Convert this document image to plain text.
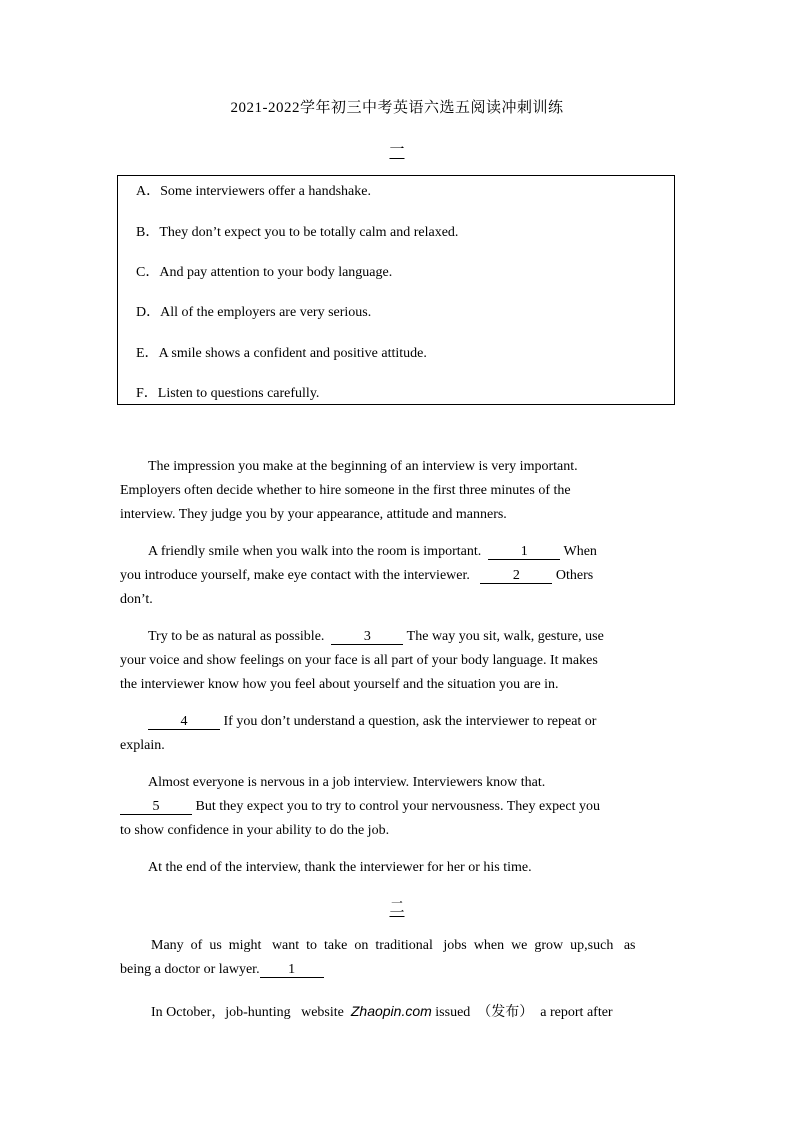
2021-2022学年初三中考英语六选五阅读冲刺训练
一
A．Some interviewers offer a handshake.
B．They don’t expect you to be totally calm and relaxed.
C．And pay attention to your body language.
D．All of the employers are very serious.
E．A smile shows a confident and positive attitude.
F．Listen to questions carefully.
The impression you make at the beginning of an interview is very important.
Employers often decide whether to hire someone in the first three minutes of the
interview. They judge you by your appearance, attitude and manners.
A friendly smile when you walk into the room is important.	1	When
you introduce yourself, make eye contact with the interviewer.	2	Others
don’t.
Try to be as natural as possible.	3	The way you sit, walk, gesture, use
your voice and show feelings on your face is all part of your body language. It makes
the interviewer know how you feel about yourself and the situation you are in.
4	If you don’t understand a question, ask the interviewer to repeat or
explain.
Almost everyone is nervous in a job interview. Interviewers know that.
5	But they expect you to try to control your nervousness. They expect you
to show confidence in your ability to do the job.
At the end of the interview, thank the interviewer for her or his time.
二
Many  of  us  might   want  to  take  on  traditional   jobs  when  we  grow  up,such   as
being a doctor or lawyer. 1
In October，job-hunting   website Zhaopin.com issued （发布） a report after
